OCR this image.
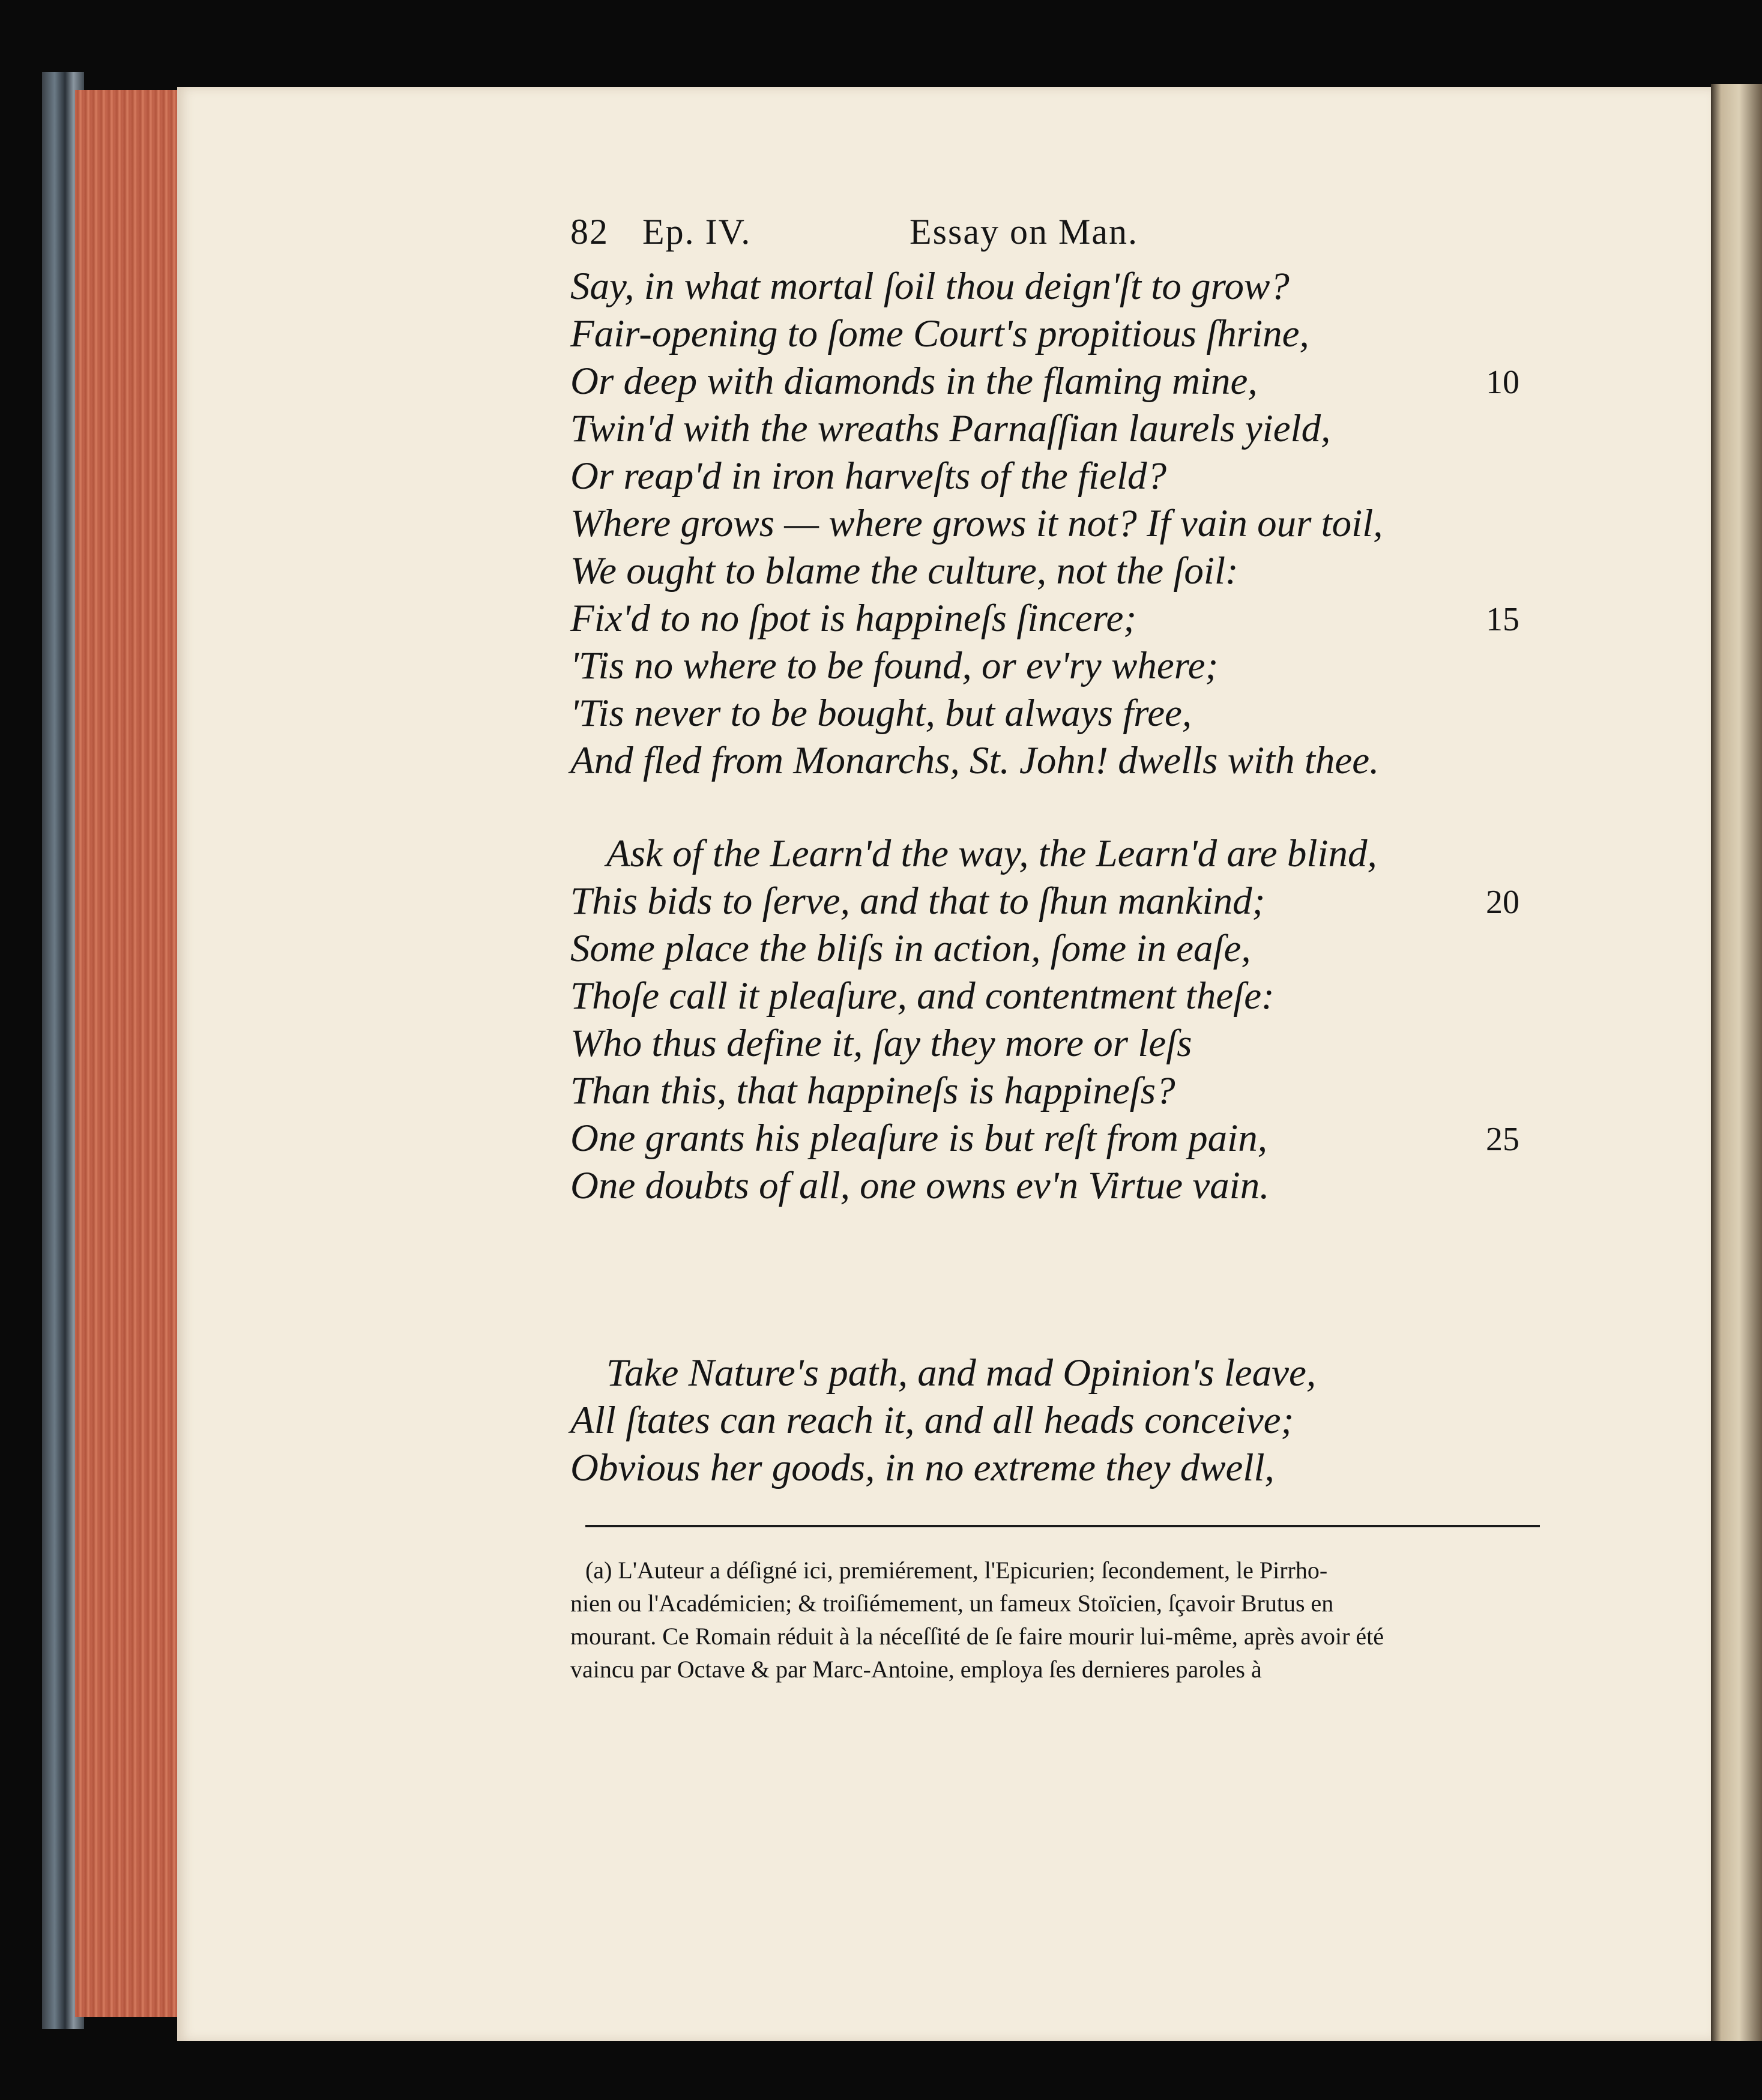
82 Ep. IV.	Essay on Man.
Say, in what mortal ſoil thou deign'ſt to grow?
Fair-opening to ſome Court's propitious ſhrine,
Or deep with diamonds in the flaming mine,	10
Twin'd with the wreaths Parnaſſian laurels yield,
Or reap'd in iron harveſts of the field?
Where grows — where grows it not? If vain our toil,
We ought to blame the culture, not the ſoil:
Fix'd to no ſpot is happineſs ſincere;	15
'Tis no where to be found, or ev'ry where;
'Tis never to be bought, but always free,
And fled from Monarchs, St. John! dwells with thee.
Ask of the Learn'd the way, the Learn'd are blind,
This bids to ſerve, and that to ſhun mankind;	20
Some place the bliſs in action, ſome in eaſe,
Thoſe call it pleaſure, and contentment theſe:
Who thus define it, ſay they more or leſs
Than this, that happineſs is happineſs?
One grants his pleaſure is but reſt from pain,	25
One doubts of all, one owns ev'n Virtue vain.
Take Nature's path, and mad Opinion's leave,
All ſtates can reach it, and all heads conceive;
Obvious her goods, in no extreme they dwell,
(a) L'Auteur a déſigné ici, premiérement, l'Epicurien; ſecondement, le Pirrho-
nien ou l'Académicien; & troiſiémement, un fameux Stoïcien, ſçavoir Brutus en
mourant. Ce Romain réduit à la néceſſité de ſe faire mourir lui-même, après avoir été
vaincu par Octave & par Marc-Antoine, employa ſes dernieres paroles à
